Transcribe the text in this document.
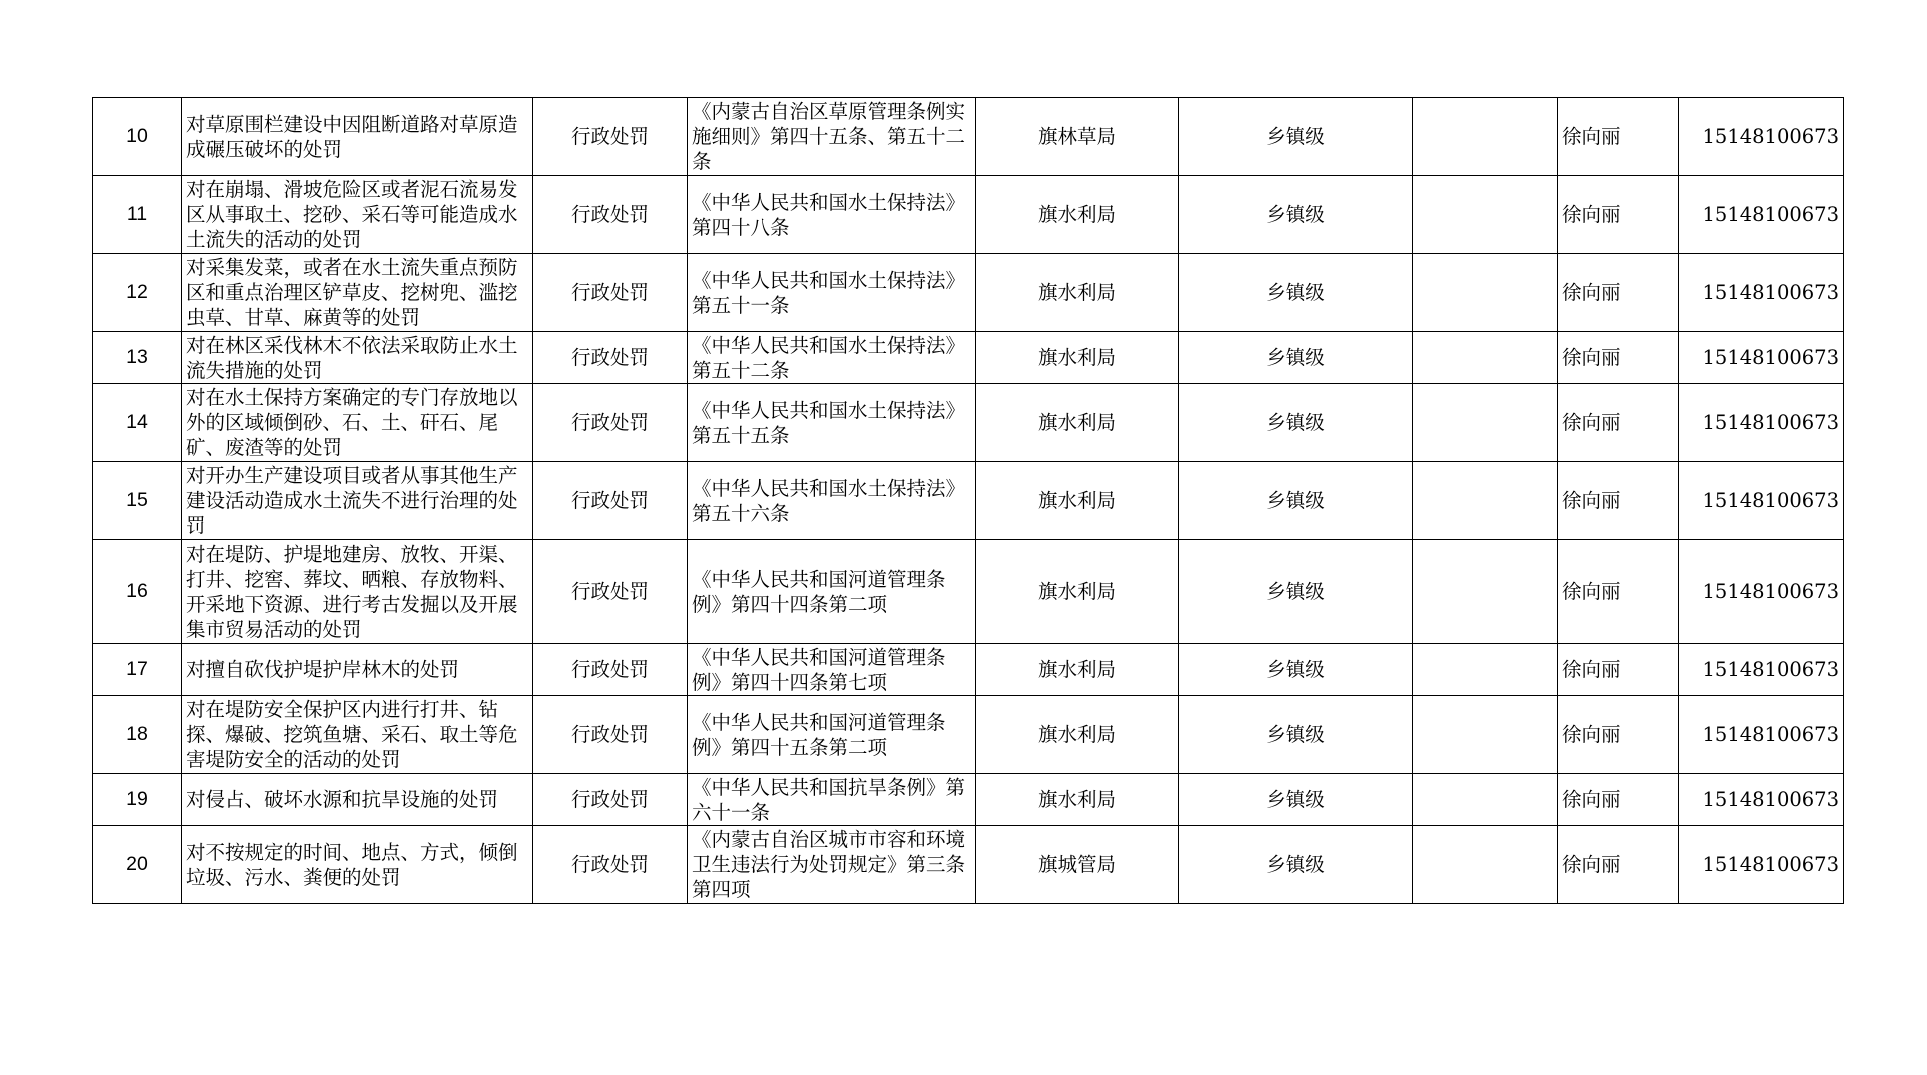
10	对草原围栏建设中因阻断道路对草原造成碾压破坏的处罚	行政处罚	《内蒙古自治区草原管理条例实施细则》第四十五条、第五十二条	旗林草局	乡镇级		徐向丽	15148100673

11	对在崩塌、滑坡危险区或者泥石流易发区从事取土、挖砂、采石等可能造成水土流失的活动的处罚	行政处罚	《中华人民共和国水土保持法》第四十八条	旗水利局	乡镇级		徐向丽	15148100673

12	对采集发菜，或者在水土流失重点预防区和重点治理区铲草皮、挖树兜、滥挖虫草、甘草、麻黄等的处罚	行政处罚	《中华人民共和国水土保持法》第五十一条	旗水利局	乡镇级		徐向丽	15148100673

13	对在林区采伐林木不依法采取防止水土流失措施的处罚	行政处罚	《中华人民共和国水土保持法》第五十二条	旗水利局	乡镇级		徐向丽	15148100673

14	对在水土保持方案确定的专门存放地以外的区域倾倒砂、石、土、矸石、尾矿、废渣等的处罚	行政处罚	《中华人民共和国水土保持法》第五十五条	旗水利局	乡镇级		徐向丽	15148100673

15	对开办生产建设项目或者从事其他生产建设活动造成水土流失不进行治理的处罚	行政处罚	《中华人民共和国水土保持法》第五十六条	旗水利局	乡镇级		徐向丽	15148100673

16	对在堤防、护堤地建房、放牧、开渠、打井、挖窖、葬坟、晒粮、存放物料、开采地下资源、进行考古发掘以及开展集市贸易活动的处罚	行政处罚	《中华人民共和国河道管理条例》第四十四条第二项	旗水利局	乡镇级		徐向丽	15148100673

17	对擅自砍伐护堤护岸林木的处罚	行政处罚	《中华人民共和国河道管理条例》第四十四条第七项	旗水利局	乡镇级		徐向丽	15148100673

18	对在堤防安全保护区内进行打井、钻探、爆破、挖筑鱼塘、采石、取土等危害堤防安全的活动的处罚	行政处罚	《中华人民共和国河道管理条例》第四十五条第二项	旗水利局	乡镇级		徐向丽	15148100673

19	对侵占、破坏水源和抗旱设施的处罚	行政处罚	《中华人民共和国抗旱条例》第六十一条	旗水利局	乡镇级		徐向丽	15148100673

20	对不按规定的时间、地点、方式，倾倒垃圾、污水、粪便的处罚	行政处罚	《内蒙古自治区城市市容和环境卫生违法行为处罚规定》第三条第四项	旗城管局	乡镇级		徐向丽	15148100673
